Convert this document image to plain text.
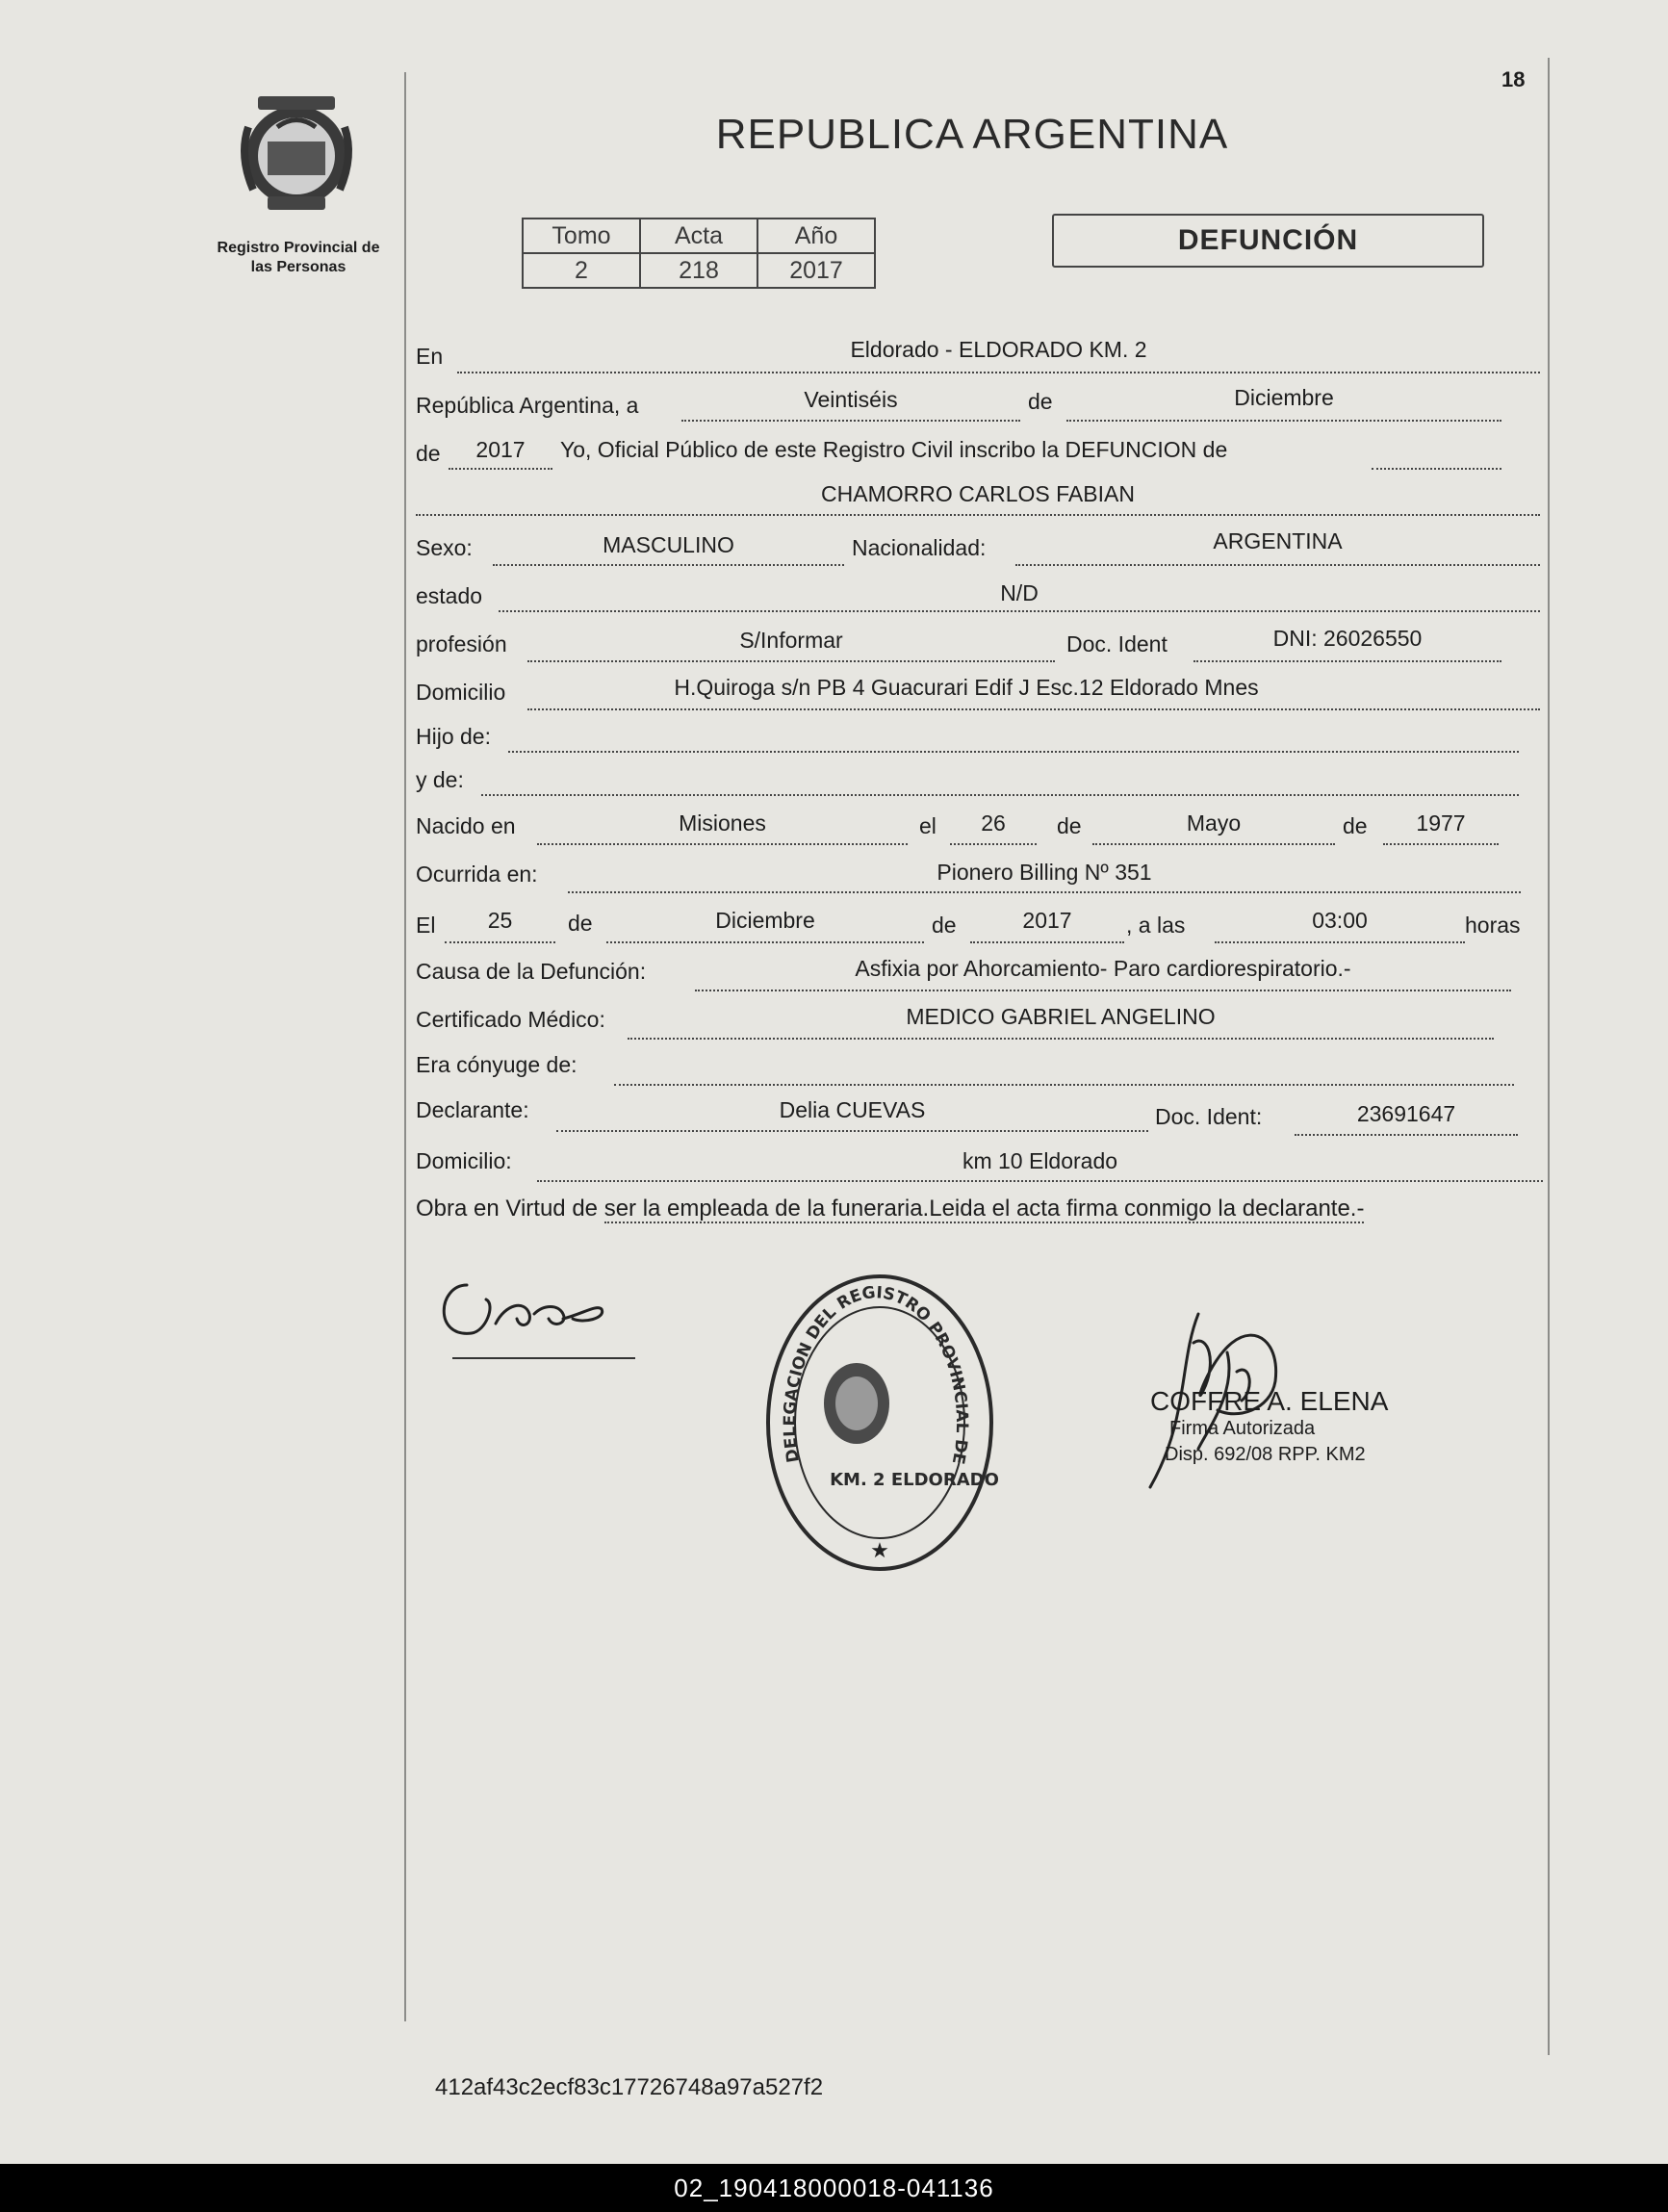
Registro Provincial de
las Personas
18
REPUBLICA ARGENTINA
Tomo	Acta	Año
2	218	2017
DEFUNCIÓN
En	Eldorado - ELDORADO KM. 2
República Argentina, a	Veintiséis	de	Diciembre
de	2017	Yo, Oficial Público de este Registro Civil inscribo la DEFUNCION de
CHAMORRO CARLOS FABIAN
Sexo:	MASCULINO	Nacionalidad:	ARGENTINA
estado	N/D
profesión	S/Informar	Doc. Ident	DNI: 26026550
Domicilio	H.Quiroga s/n PB 4 Guacurari Edif J Esc.12 Eldorado Mnes
Hijo de:
y de:
Nacido en	Misiones	el	26	de	Mayo	de	1977
Ocurrida en:	Pionero Billing Nº 351
El	25	de	Diciembre	de	2017	, a las	03:00	horas
Causa de la Defunción:	Asfixia por Ahorcamiento- Paro cardiorespiratorio.-
Certificado Médico:	MEDICO GABRIEL ANGELINO
Era cónyuge de:
Declarante:	Delia CUEVAS	Doc. Ident:	23691647
Domicilio:	km 10 Eldorado
Obra en Virtud de ser la empleada de la funeraria.Leida el acta firma conmigo la declarante.-
DELEGACION DEL REGISTRO PROVINCIAL DE
KM. 2 ELDORADO
★
COFFRE A. ELENA
Firma Autorizada
Disp. 692/08 RPP. KM2
412af43c2ecf83c17726748a97a527f2
02_190418000018-041136
